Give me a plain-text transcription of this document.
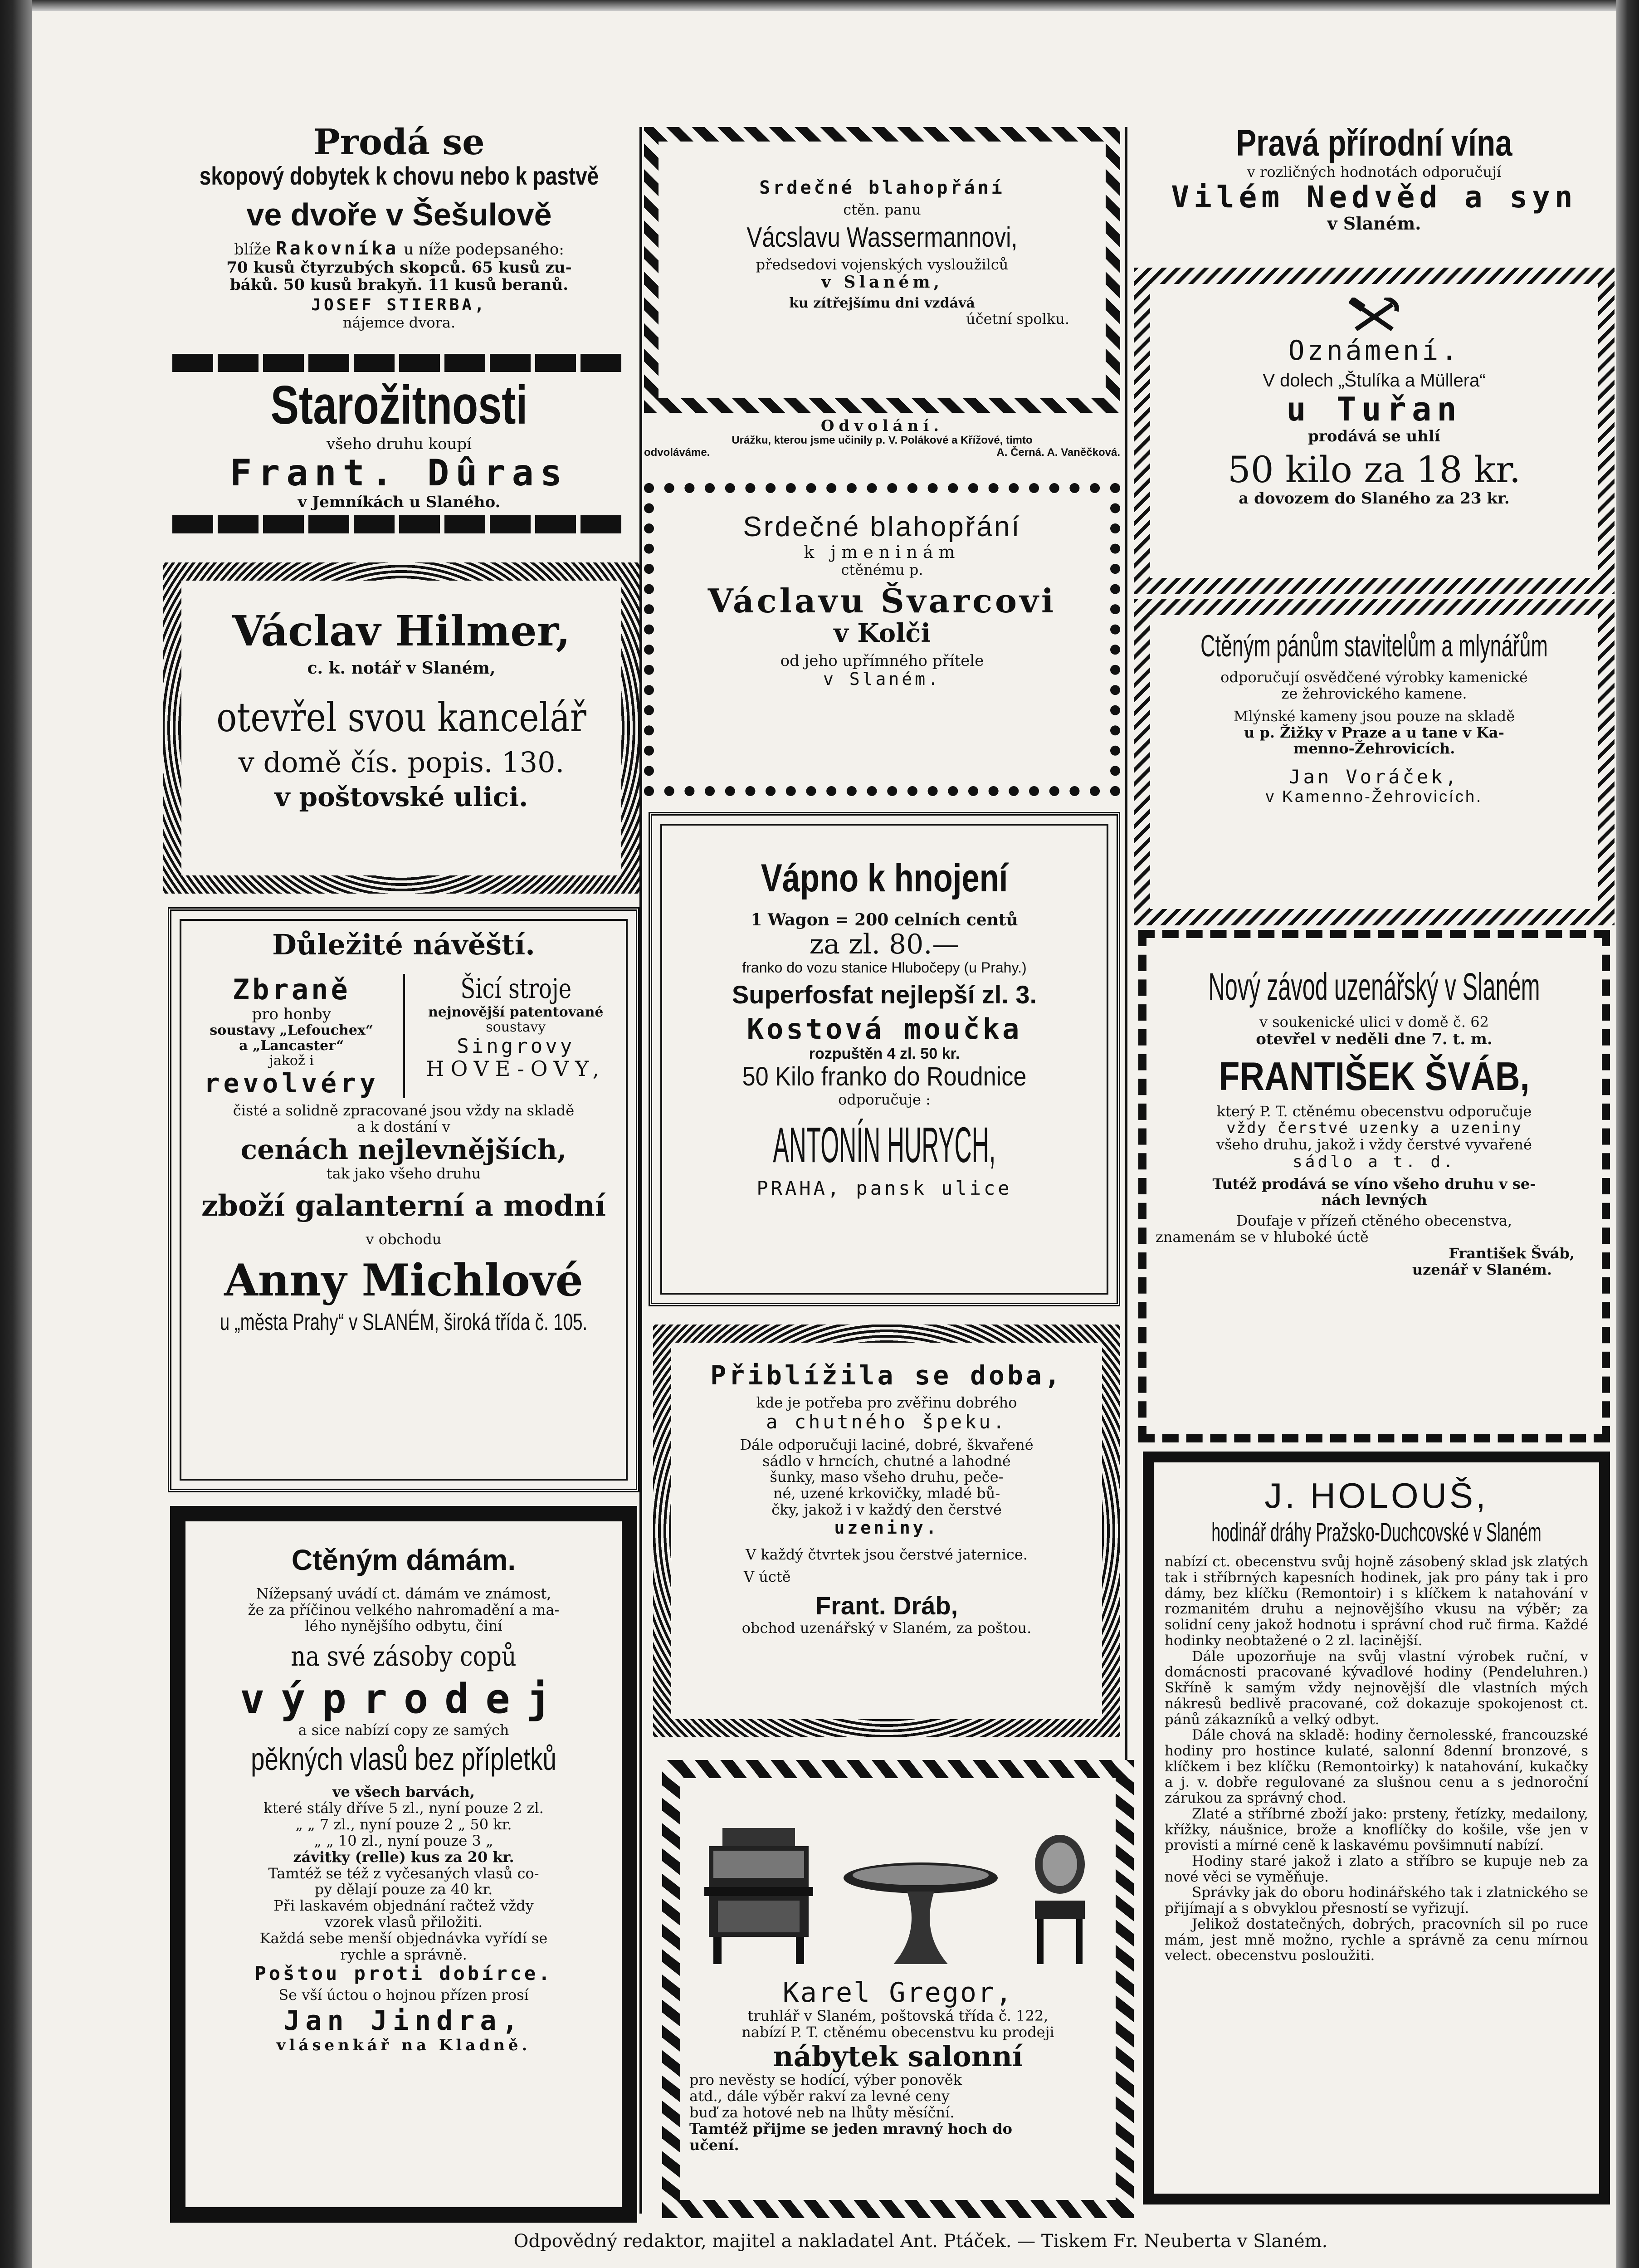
Prodá se
skopový dobytek k chovu nebo k pastvě
ve dvoře v Šešulově
blíže Rakovníka u níže podepsaného:
70 kusů čtyrzubých skopců. 65 kusů zu-
báků. 50 kusů brakyň. 11 kusů beranů.
JOSEF STIERBA,
nájemce dvora.
Starožitnosti
všeho druhu koupí
Frant. Dûras
v Jemníkách u Slaného.
Václav Hilmer,
c. k. notář v Slaném,
otevřel svou kancelář
v domě čís. popis. 130.
v poštovské ulici.
Důležité návěští.
Zbraně
pro honby
soustavy „Lefouchex“
a „Lancaster“
jakož i
revolvéry
Šicí stroje
nejnovější patentované
soustavy
Singrovy
HOVE-OVY,
čisté a solidně zpracované jsou vždy na skladě
a k dostání v
cenách nejlevnějších,
tak jako všeho druhu
zboží galanterní a modní
v obchodu
Anny Michlové
u „města Prahy“ v SLANÉM, široká třída č. 105.
Ctěným dámám.
Nížepsaný uvádí ct. dámám ve známost,
že za příčinou velkého nahromadění a ma-
lého nynějšího odbytu, činí
na své zásoby copů
výprodej
a sice nabízí copy ze samých
pěkných vlasů bez přípletků
ve všech barvách,
které stály dříve 5 zl., nyní pouze 2 zl.
„ „ 7 zl., nyní pouze 2 „ 50 kr.
„ „ 10 zl., nyní pouze 3 „
závitky (relle) kus za 20 kr.
Tamtéž se též z vyčesaných vlasů co-
py dělají pouze za 40 kr.
Při laskavém objednání račtež vždy
vzorek vlasů přiložiti.
Každá sebe menší objednávka vyřídí se
rychle a správně.
Poštou proti dobírce.
Se vší úctou o hojnou přízen prosí
Jan Jindra,
vlásenkář na Kladně.
Srdečné blahopřání
ctěn. panu
Vácslavu Wassermannovi,
předsedovi vojenských vysloužilců
v Slaném,
ku zítřejšímu dni vzdává
účetní spolku.
Odvolání.
Urážku, kterou jsme učinily p. V. Polákové a Křížové, timto
odvoláváme.	A. Černá. A. Vaněčková.
Srdečné blahopřání
k jmeninám
ctěnému p.
Václavu Švarcovi
v Kolči
od jeho upřímného přítele
v Slaném.
Vápno k hnojení
1 Wagon = 200 celních centů
za zl. 80.—
franko do vozu stanice Hlubočepy (u Prahy.)
Superfosfat nejlepší zl. 3.
Kostová moučka
rozpuštěn 4 zl. 50 kr.
50 Kilo franko do Roudnice
odporučuje :
ANTONÍN HURYCH,
PRAHA, pansk ulice
Přiblížila se doba,
kde je potřeba pro zvěřinu dobrého
a chutného špeku.
Dále odporučuji laciné, dobré, škvařené
sádlo v hrncích, chutné a lahodné
šunky, maso všeho druhu, peče-
né, uzené krkovičky, mladé bů-
čky, jakož i v každý den čerstvé
uzeniny.
V každý čtvrtek jsou čerstvé jaternice.
V úctě
Frant. Dráb,
obchod uzenářský v Slaném, za poštou.
Karel Gregor,
truhlář v Slaném, poštovská třída č. 122,
nabízí P. T. ctěnému obecenstvu ku prodeji
nábytek salonní
pro nevěsty se hodící, výber ponověk
atd., dále výběr rakví za levné ceny
buď za hotové neb na lhůty měsíční.
Tamtéž přijme se jeden mravný hoch do
učení.
Pravá přírodní vína
v rozličných hodnotách odporučují
Vilém Nedvěd a syn
v Slaném.
Oznámení.
V dolech „Štulíka a Müllera“
u Tuřan
prodává se uhlí
50 kilo za 18 kr.
a dovozem do Slaného za 23 kr.
Ctěným pánům stavitelům a mlynářům
odporučují osvědčené výrobky kamenické
ze žehrovického kamene.
Mlýnské kameny jsou pouze na skladě
u p. Žižky v Praze a u tane v Ka-
menno-Žehrovicích.
Jan Voráček,
v Kamenno-Žehrovicích.
Nový závod uzenářský v Slaném
v soukenické ulici v domě č. 62
otevřel v neděli dne 7. t. m.
FRANTIŠEK ŠVÁB,
který P. T. ctěnému obecenstvu odporučuje
vždy čerstvé uzenky a uzeniny
všeho druhu, jakož i vždy čerstvé vyvařené
sádlo a t. d.
Tutéž prodává se víno všeho druhu v se-
nách levných
Doufaje v přízeň ctěného obecenstva,
znamenám se v hluboké úctě
František Šváb,
uzenář v Slaném.
J. HOLOUŠ,
hodinář dráhy Pražsko-Duchcovské v Slaném
nabízí ct. obecenstvu svůj hojně zásobený sklad jsk zlatých tak i stříbrných kapesních hodinek, jak pro pány tak i pro dámy, bez klíčku (Remontoir) i s klíčkem k natahování v rozmanitém druhu a nejnovějšího vkusu na výběr; za solidní ceny jakož hodnotu i správní chod ruč firma. Každé hodinky neobtažené o 2 zl. lacinější.
Dále upozorňuje na svůj vlastní výrobek ruční, v domácnosti pracované kývadlové hodiny (Pendeluhren.) Skříně k samým vždy nejnovější dle vlastních mých nákresů bedlivě pracované, což dokazuje spokojenost ct. pánů zákazníků a velký odbyt.
Dále chová na skladě: hodiny černolesské, francouzské hodiny pro hostince kulaté, salonní 8denní bronzové, s klíčkem i bez klíčku (Remontoirky) k natahování, kukačky a j. v. dobře regulované za slušnou cenu a s jednoroční zárukou za správný chod.
Zlaté a stříbrné zboží jako: prsteny, řetízky, medailony, křížky, náušnice, brože a knoflíčky do košile, vše jen v provisti a mírné ceně k laskavému povšimnutí nabízí.
Hodiny staré jakož i zlato a stříbro se kupuje neb za nové věci se vyměňuje.
Správky jak do oboru hodinářského tak i zlatnického se přijímají a s obvyklou přesností se vyřizují.
Jelikož dostatečných, dobrých, pracovních sil po ruce mám, jest mně možno, rychle a správně za cenu mírnou velect. obecenstvu posloužiti.
Odpovědný redaktor, majitel a nakladatel Ant. Ptáček. — Tiskem Fr. Neuberta v Slaném.
